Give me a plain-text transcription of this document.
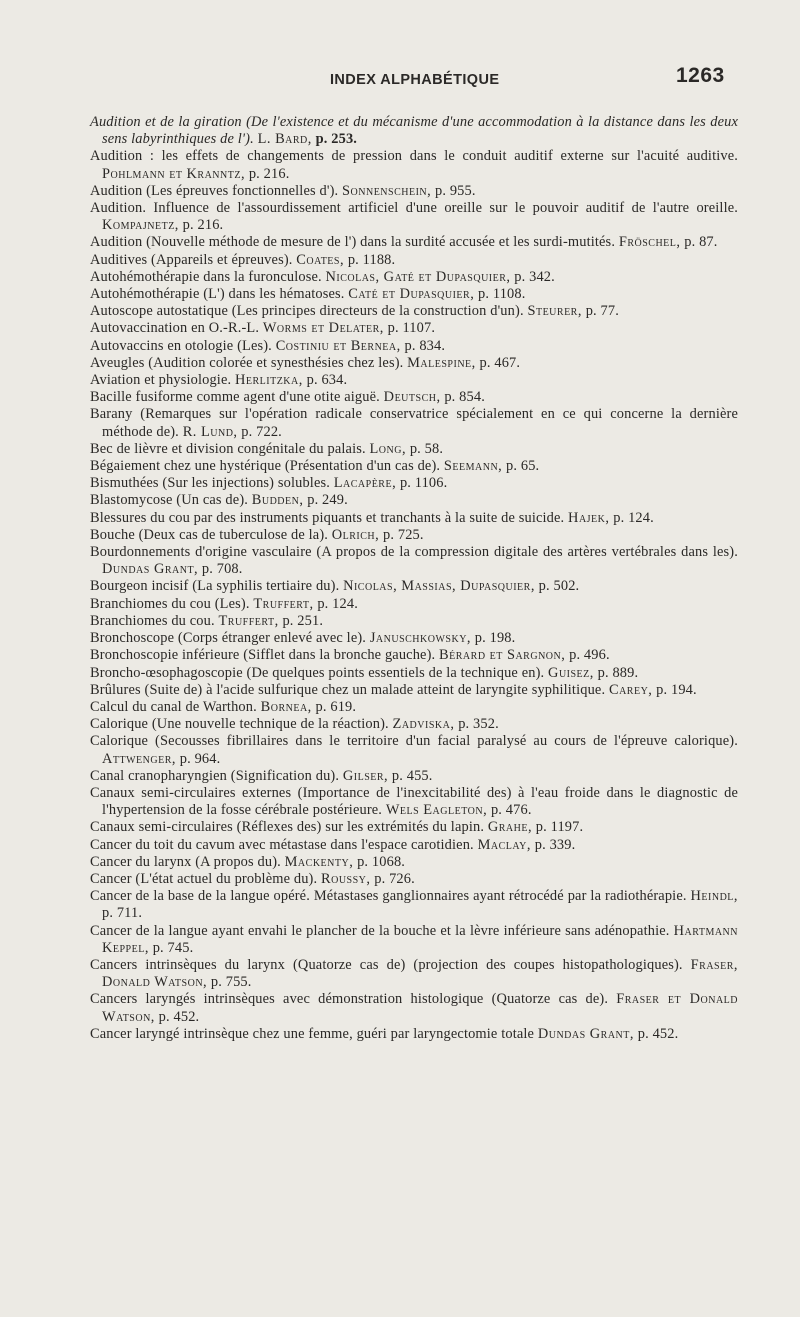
INDEX ALPHABÉTIQUE	1263

Audition et de la giration (De l'existence et du mécanisme d'une accommodation à la distance dans les deux sens labyrinthiques de l'). L. Bard, p. 253.

Audition : les effets de changements de pression dans le conduit auditif externe sur l'acuité auditive. Pohlmann et Kranntz, p. 216.

Audition (Les épreuves fonctionnelles d'). Sonnenschein, p. 955.

Audition. Influence de l'assourdissement artificiel d'une oreille sur le pouvoir auditif de l'autre oreille. Kompajnetz, p. 216.

Audition (Nouvelle méthode de mesure de l') dans la surdité accusée et les surdi-mutités. Fröschel, p. 87.

Auditives (Appareils et épreuves). Coates, p. 1188.

Autohémothérapie dans la furonculose. Nicolas, Gaté et Dupasquier, p. 342.

Autohémothérapie (L') dans les hématoses. Caté et Dupasquier, p. 1108.

Autoscope autostatique (Les principes directeurs de la construction d'un). Steurer, p. 77.

Autovaccination en O.-R.-L. Worms et Delater, p. 1107.

Autovaccins en otologie (Les). Costiniu et Bernea, p. 834.

Aveugles (Audition colorée et synesthésies chez les). Malespine, p. 467.

Aviation et physiologie. Herlitzka, p. 634.

Bacille fusiforme comme agent d'une otite aiguë. Deutsch, p. 854.

Barany (Remarques sur l'opération radicale conservatrice spécialement en ce qui concerne la dernière méthode de). R. Lund, p. 722.

Bec de lièvre et division congénitale du palais. Long, p. 58.

Bégaiement chez une hystérique (Présentation d'un cas de). Seemann, p. 65.

Bismuthées (Sur les injections) solubles. Lacapère, p. 1106.

Blastomycose (Un cas de). Budden, p. 249.

Blessures du cou par des instruments piquants et tranchants à la suite de suicide. Hajek, p. 124.

Bouche (Deux cas de tuberculose de la). Olrich, p. 725.

Bourdonnements d'origine vasculaire (A propos de la compression digitale des artères vertébrales dans les). Dundas Grant, p. 708.

Bourgeon incisif (La syphilis tertiaire du). Nicolas, Massias, Dupasquier, p. 502.

Branchiomes du cou (Les). Truffert, p. 124.

Branchiomes du cou. Truffert, p. 251.

Bronchoscope (Corps étranger enlevé avec le). Januschkowsky, p. 198.

Bronchoscopie inférieure (Sifflet dans la bronche gauche). Bérard et Sargnon, p. 496.

Broncho-œsophagoscopie (De quelques points essentiels de la technique en). Guisez, p. 889.

Brûlures (Suite de) à l'acide sulfurique chez un malade atteint de laryngite syphilitique. Carey, p. 194.

Calcul du canal de Warthon. Bornea, p. 619.

Calorique (Une nouvelle technique de la réaction). Zadviska, p. 352.

Calorique (Secousses fibrillaires dans le territoire d'un facial paralysé au cours de l'épreuve calorique). Attwenger, p. 964.

Canal cranopharyngien (Signification du). Gilser, p. 455.

Canaux semi-circulaires externes (Importance de l'inexcitabilité des) à l'eau froide dans le diagnostic de l'hypertension de la fosse cérébrale postérieure. Wels Eagleton, p. 476.

Canaux semi-circulaires (Réflexes des) sur les extrémités du lapin. Grahe, p. 1197.

Cancer du toit du cavum avec métastase dans l'espace carotidien. Maclay, p. 339.

Cancer du larynx (A propos du). Mackenty, p. 1068.

Cancer (L'état actuel du problème du). Roussy, p. 726.

Cancer de la base de la langue opéré. Métastases ganglionnaires ayant rétrocédé par la radiothérapie. Heindl, p. 711.

Cancer de la langue ayant envahi le plancher de la bouche et la lèvre inférieure sans adénopathie. Hartmann Keppel, p. 745.

Cancers intrinsèques du larynx (Quatorze cas de) (projection des coupes histopathologiques). Fraser, Donald Watson, p. 755.

Cancers laryngés intrinsèques avec démonstration histologique (Quatorze cas de). Fraser et Donald Watson, p. 452.

Cancer laryngé intrinsèque chez une femme, guéri par laryngectomie totale Dundas Grant, p. 452.
